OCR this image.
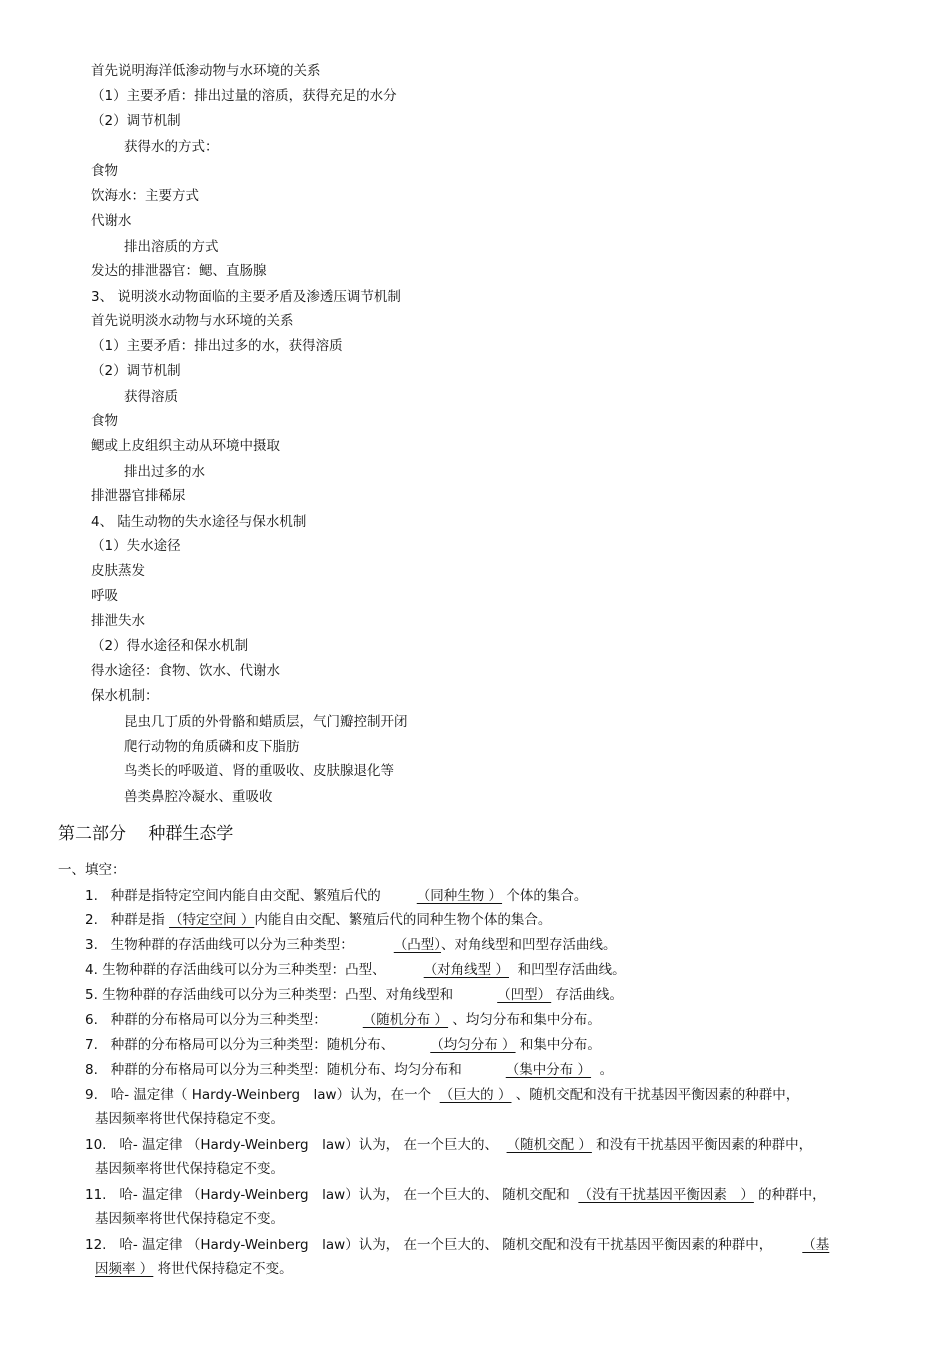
首先说明海洋低渗动物与水环境的关系
（1）主要矛盾：排出过量的溶质，获得充足的水分
（2）调节机制
获得水的方式：
食物
饮海水：主要方式
代谢水
排出溶质的方式
发达的排泄器官：鳃、直肠腺
3、 说明淡水动物面临的主要矛盾及渗透压调节机制
首先说明淡水动物与水环境的关系
（1）主要矛盾：排出过多的水，获得溶质
（2）调节机制
获得溶质
食物
鳃或上皮组织主动从环境中摄取
排出过多的水
排泄器官排稀尿
4、 陆生动物的失水途径与保水机制
（1）失水途径
皮肤蒸发
呼吸
排泄失水
（2）得水途径和保水机制
得水途径：食物、饮水、代谢水
保水机制：
昆虫几丁质的外骨骼和蜡质层，气门瓣控制开闭
爬行动物的角质磷和皮下脂肪
鸟类长的呼吸道、肾的重吸收、皮肤腺退化等
兽类鼻腔冷凝水、重吸收
第二部分　 种群生态学
一、填空：
1. 种群是指特定空间内能自由交配、繁殖后代的	（同种生物 ） 个体的集合。
2. 种群是指 （特定空间 ）内能自由交配、繁殖后代的同种生物个体的集合。
3. 生物种群的存活曲线可以分为三种类型：	（凸型）、对角线型和凹型存活曲线。
4. 生物种群的存活曲线可以分为三种类型：凸型、	（对角线型 ） 和凹型存活曲线。
5. 生物种群的存活曲线可以分为三种类型：凸型、对角线型和	（凹型） 存活曲线。
6. 种群的分布格局可以分为三种类型：	（随机分布 ） 、均匀分布和集中分布。
7. 种群的分布格局可以分为三种类型：随机分布、	（均匀分布 ） 和集中分布。
8. 种群的分布格局可以分为三种类型：随机分布、均匀分布和	（集中分布 ） 。
9. 哈- 温定律（ Hardy-Weinberg　law）认为，在一个 （巨大的 ） 、随机交配和没有干扰基因平衡因素的种群中，
基因频率将世代保持稳定不变。
10. 哈- 温定律 （Hardy-Weinberg　law）认为， 在一个巨大的、 （随机交配 ） 和没有干扰基因平衡因素的种群中，
基因频率将世代保持稳定不变。
11. 哈- 温定律 （Hardy-Weinberg　law）认为， 在一个巨大的、 随机交配和 （没有干扰基因平衡因素　） 的种群中，
基因频率将世代保持稳定不变。
12. 哈- 温定律 （Hardy-Weinberg　law）认为， 在一个巨大的、 随机交配和没有干扰基因平衡因素的种群中， （基
因频率 ） 将世代保持稳定不变。
